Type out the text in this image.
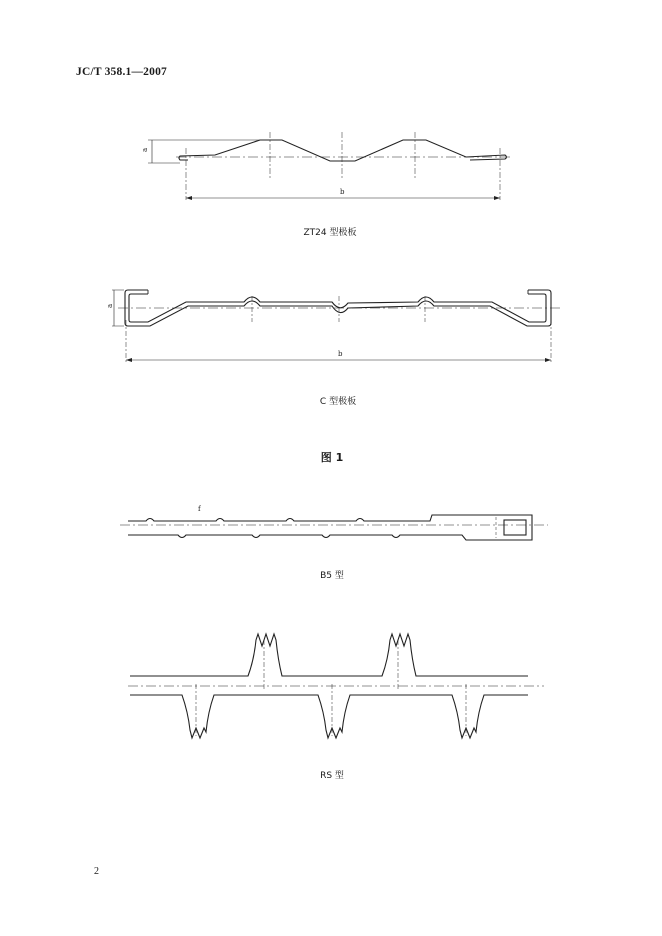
JC/T 358.1—2007
a
b
a
b
f
ZT24 型极板
C 型极板
图 1
B5 型
RS 型
2
